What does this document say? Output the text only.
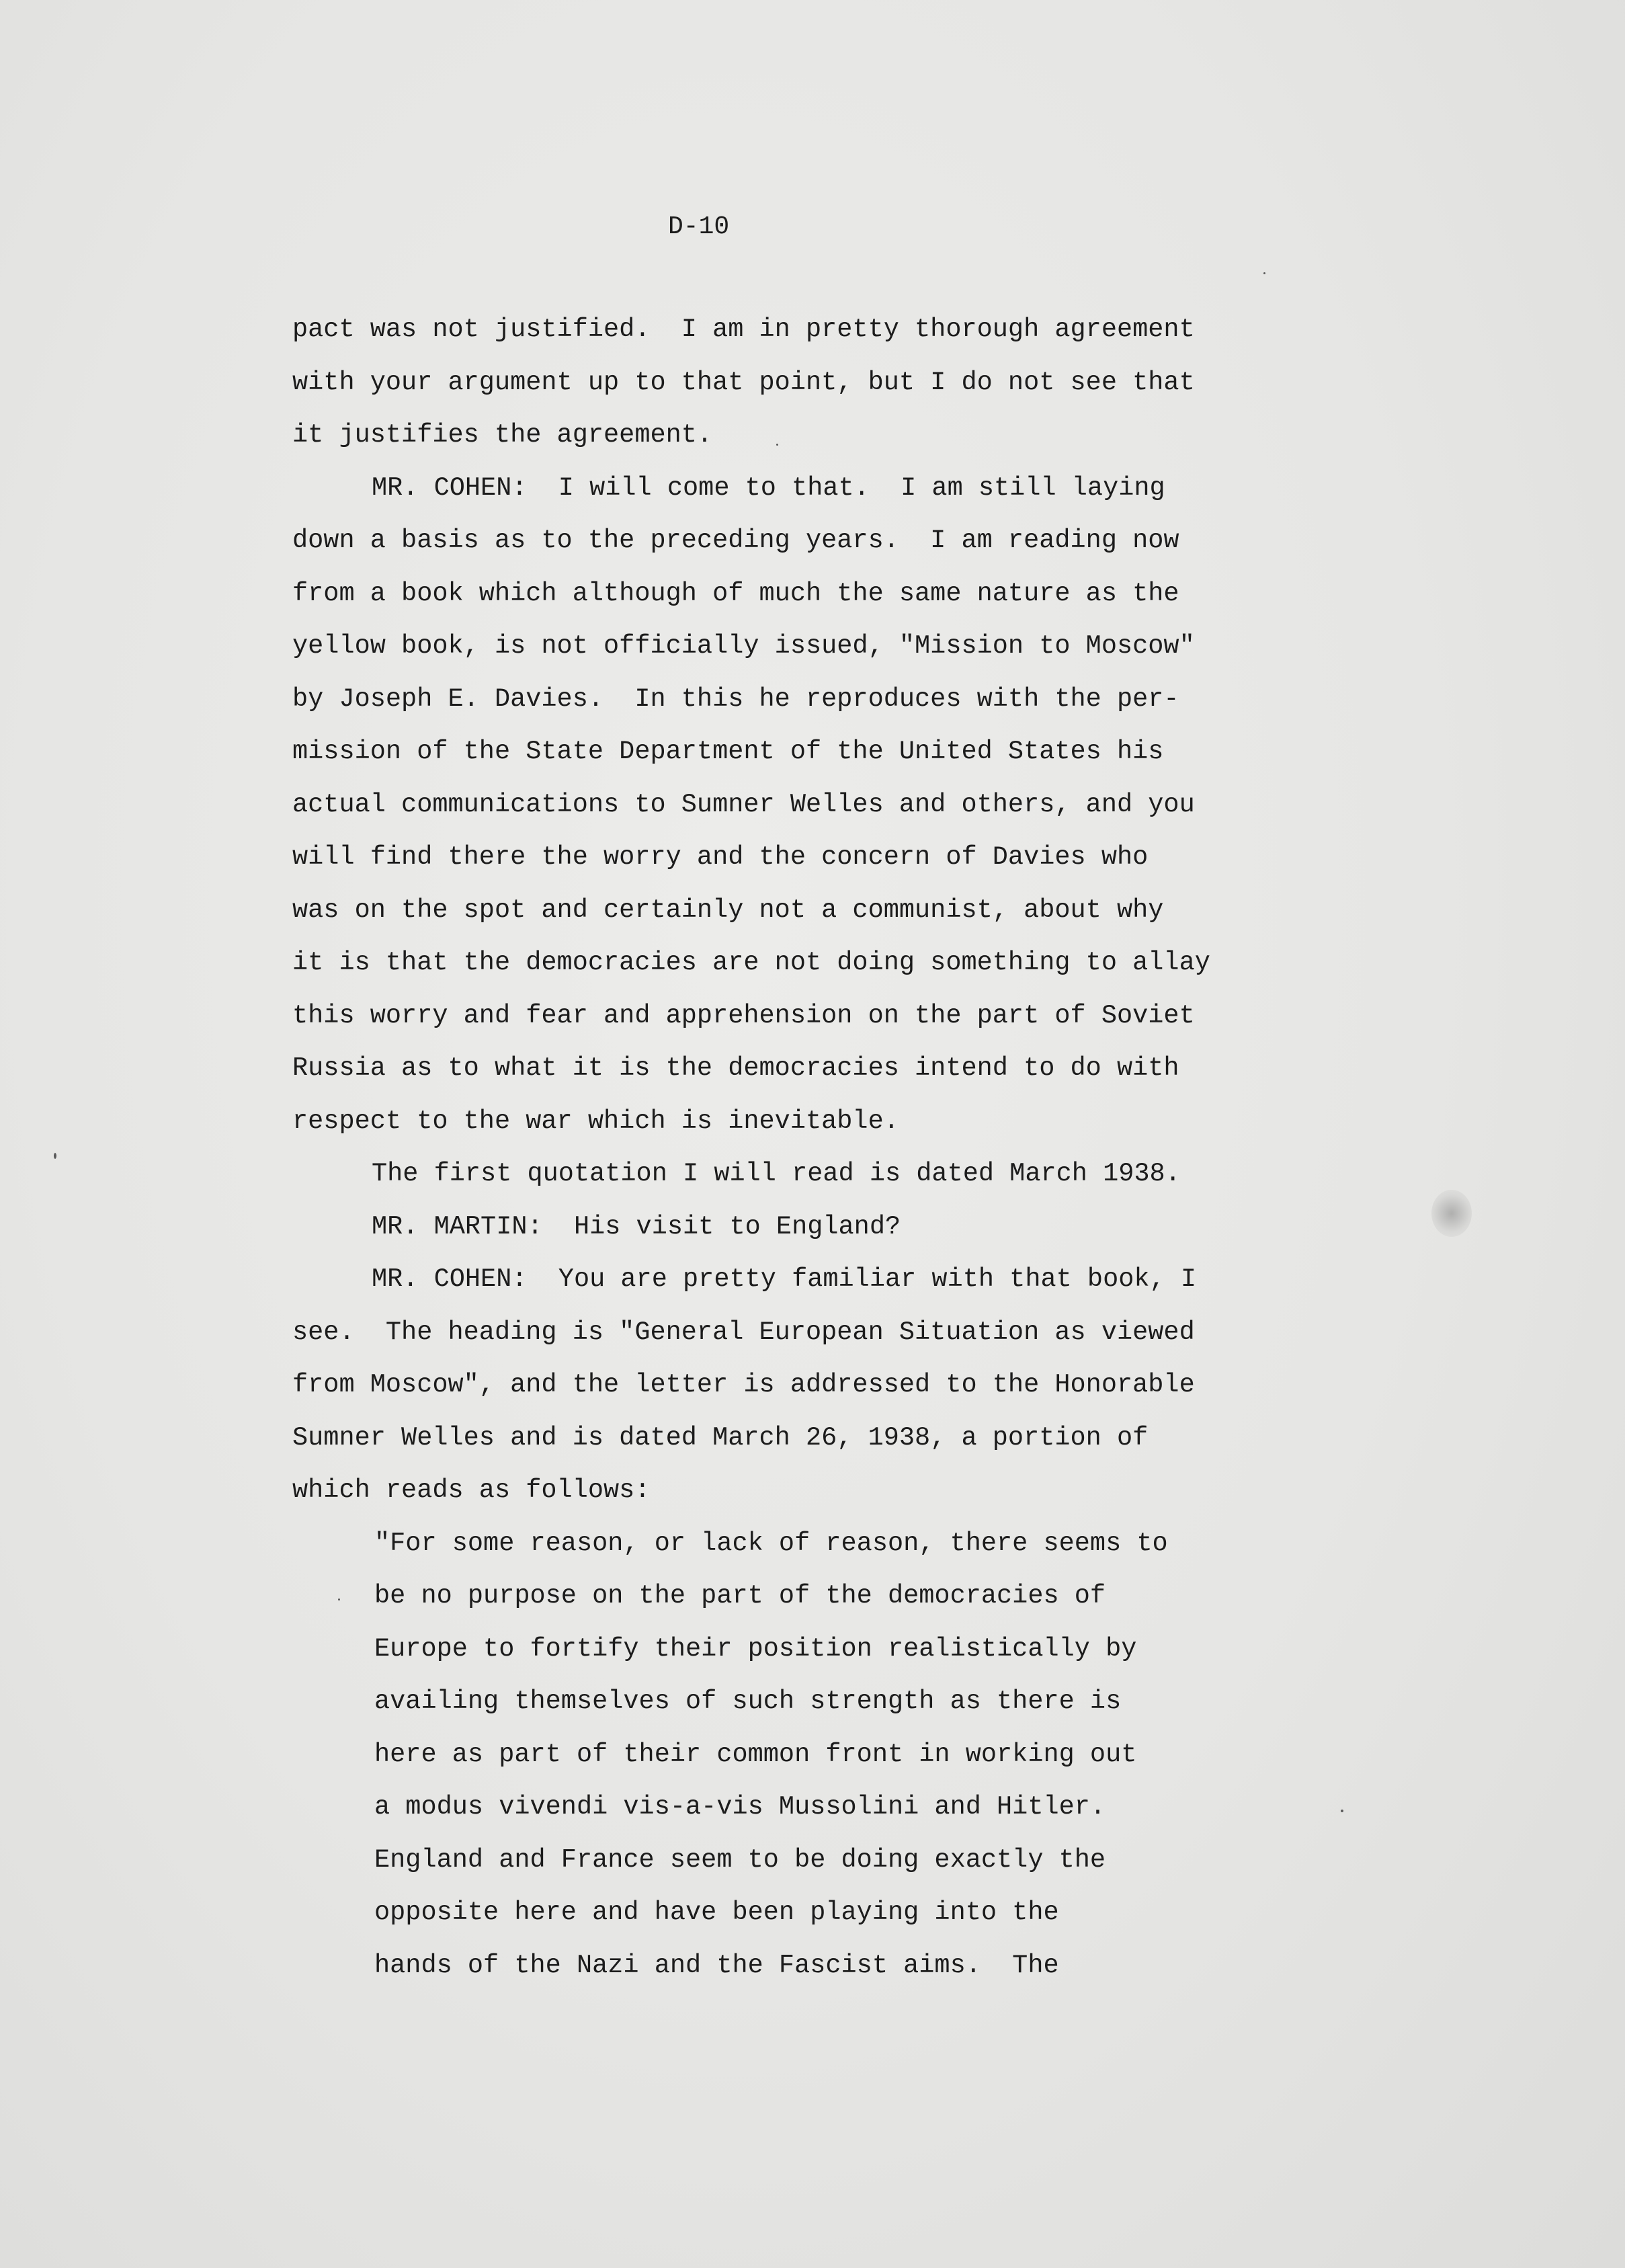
D-10
pact was not justified.  I am in pretty thorough agreement
with your argument up to that point, but I do not see that
it justifies the agreement.
MR. COHEN:  I will come to that.  I am still laying
down a basis as to the preceding years.  I am reading now
from a book which although of much the same nature as the
yellow book, is not officially issued, "Mission to Moscow"
by Joseph E. Davies.  In this he reproduces with the per-
mission of the State Department of the United States his
actual communications to Sumner Welles and others, and you
will find there the worry and the concern of Davies who
was on the spot and certainly not a communist, about why
it is that the democracies are not doing something to allay
this worry and fear and apprehension on the part of Soviet
Russia as to what it is the democracies intend to do with
respect to the war which is inevitable.
The first quotation I will read is dated March 1938.
MR. MARTIN:  His visit to England?
MR. COHEN:  You are pretty familiar with that book, I
see.  The heading is "General European Situation as viewed
from Moscow", and the letter is addressed to the Honorable
Sumner Welles and is dated March 26, 1938, a portion of
which reads as follows:
"For some reason, or lack of reason, there seems to
be no purpose on the part of the democracies of
Europe to fortify their position realistically by
availing themselves of such strength as there is
here as part of their common front in working out
a modus vivendi vis-a-vis Mussolini and Hitler.
England and France seem to be doing exactly the
opposite here and have been playing into the
hands of the Nazi and the Fascist aims.  The
